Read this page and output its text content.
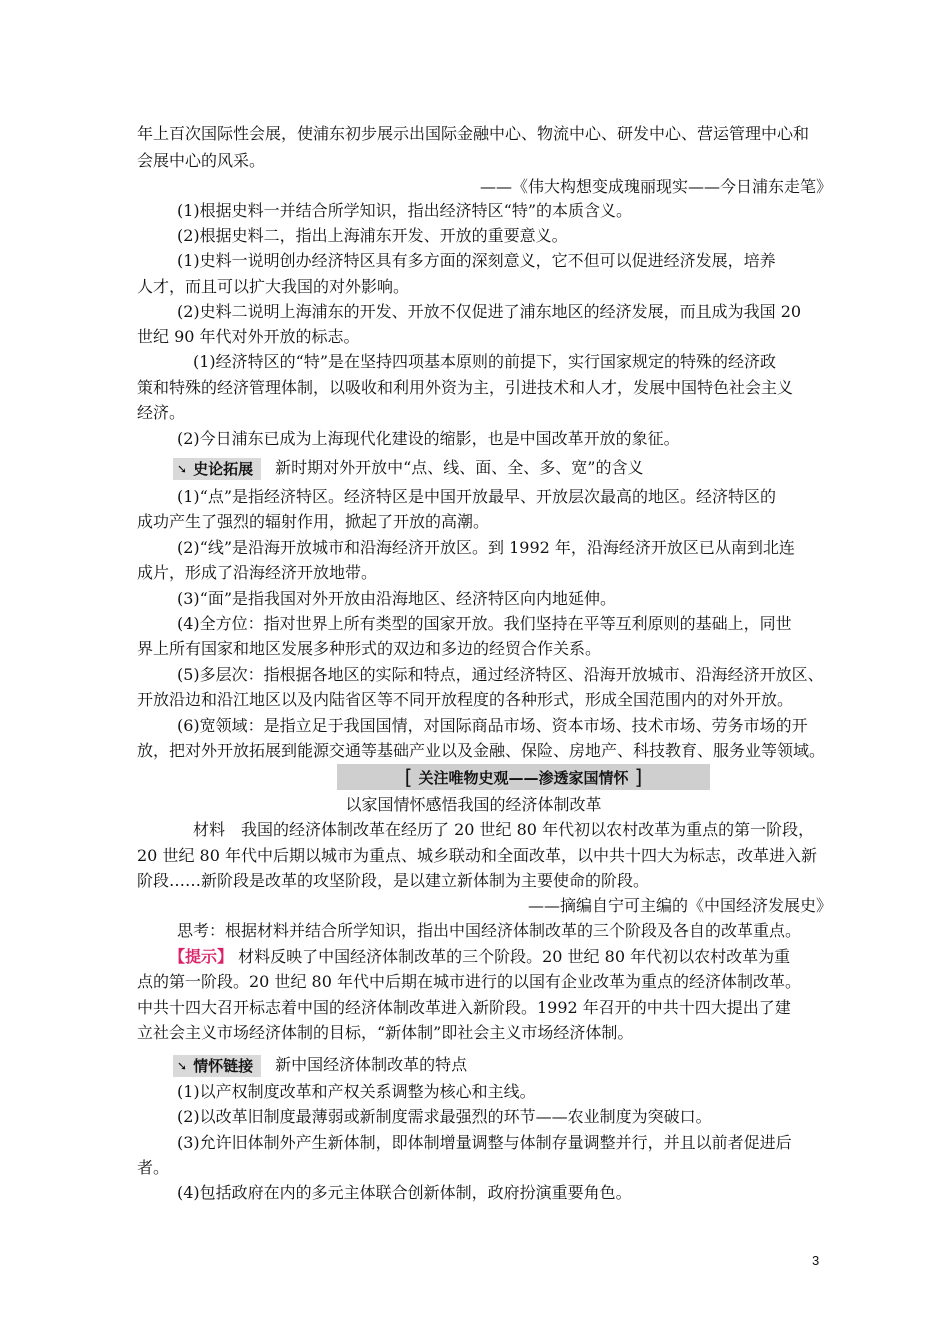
年上百次国际性会展，使浦东初步展示出国际金融中心、物流中心、研发中心、营运管理中心和
会展中心的风采。
——《伟大构想变成瑰丽现实——今日浦东走笔》
(1)根据史料一并结合所学知识，指出经济特区“特”的本质含义。
(2)根据史料二，指出上海浦东开发、开放的重要意义。
(1)史料一说明创办经济特区具有多方面的深刻意义，它不但可以促进经济发展，培养
人才，而且可以扩大我国的对外影响。
(2)史料二说明上海浦东的开发、开放不仅促进了浦东地区的经济发展，而且成为我国 20
世纪 90 年代对外开放的标志。
(1)经济特区的“特”是在坚持四项基本原则的前提下，实行国家规定的特殊的经济政
策和特殊的经济管理体制，以吸收和利用外资为主，引进技术和人才，发展中国特色社会主义
经济。
(2)今日浦东已成为上海现代化建设的缩影，也是中国改革开放的象征。
➘ 史论拓展 新时期对外开放中“点、线、面、全、多、宽”的含义
(1)“点”是指经济特区。经济特区是中国开放最早、开放层次最高的地区。经济特区的
成功产生了强烈的辐射作用，掀起了开放的高潮。
(2)“线”是沿海开放城市和沿海经济开放区。到 1992 年，沿海经济开放区已从南到北连
成片，形成了沿海经济开放地带。
(3)“面”是指我国对外开放由沿海地区、经济特区向内地延伸。
(4)全方位：指对世界上所有类型的国家开放。我们坚持在平等互利原则的基础上，同世
界上所有国家和地区发展多种形式的双边和多边的经贸合作关系。
(5)多层次：指根据各地区的实际和特点，通过经济特区、沿海开放城市、沿海经济开放区、
开放沿边和沿江地区以及内陆省区等不同开放程度的各种形式，形成全国范围内的对外开放。
(6)宽领域：是指立足于我国国情，对国际商品市场、资本市场、技术市场、劳务市场的开
放，把对外开放拓展到能源交通等基础产业以及金融、保险、房地产、科技教育、服务业等领域。
[ 关注唯物史观——渗透家国情怀 ]
以家国情怀感悟我国的经济体制改革
材料　我国的经济体制改革在经历了 20 世纪 80 年代初以农村改革为重点的第一阶段，
20 世纪 80 年代中后期以城市为重点、城乡联动和全面改革，以中共十四大为标志，改革进入新
阶段……新阶段是改革的攻坚阶段，是以建立新体制为主要使命的阶段。
——摘编自宁可主编的《中国经济发展史》
思考：根据材料并结合所学知识，指出中国经济体制改革的三个阶段及各自的改革重点。
【提示】 材料反映了中国经济体制改革的三个阶段。20 世纪 80 年代初以农村改革为重
点的第一阶段。20 世纪 80 年代中后期在城市进行的以国有企业改革为重点的经济体制改革。
中共十四大召开标志着中国的经济体制改革进入新阶段。1992 年召开的中共十四大提出了建
立社会主义市场经济体制的目标，“新体制”即社会主义市场经济体制。
➘ 情怀链接 新中国经济体制改革的特点
(1)以产权制度改革和产权关系调整为核心和主线。
(2)以改革旧制度最薄弱或新制度需求最强烈的环节——农业制度为突破口。
(3)允许旧体制外产生新体制，即体制增量调整与体制存量调整并行，并且以前者促进后
者。
(4)包括政府在内的多元主体联合创新体制，政府扮演重要角色。
3
